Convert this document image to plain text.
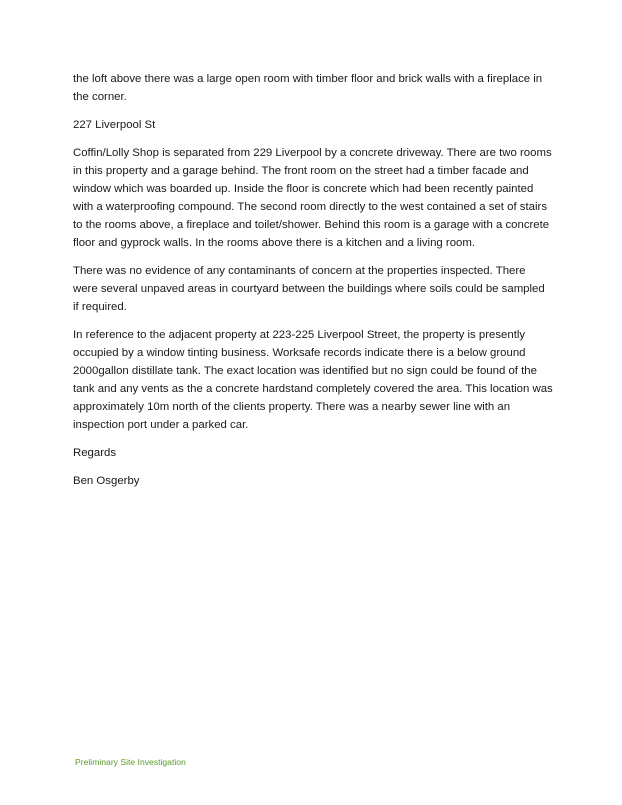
the loft above there was a large open room with timber floor and brick walls with a fireplace in the corner.

227 Liverpool St

Coffin/Lolly Shop is separated from 229 Liverpool by a concrete driveway. There are two rooms in this property and a garage behind. The front room on the street had a timber facade and window which was boarded up. Inside the floor is concrete which had been recently painted with a waterproofing compound. The second room directly to the west contained a set of stairs to the rooms above, a fireplace and toilet/shower. Behind this room is a garage with a concrete floor and gyprock walls. In the rooms above there is a kitchen and a living room.

There was no evidence of any contaminants of concern at the properties inspected. There were several unpaved areas in courtyard between the buildings where soils could be sampled if required.

In reference to the adjacent property at 223-225 Liverpool Street, the property is presently occupied by a window tinting business. Worksafe records indicate there is a below ground 2000gallon distillate tank. The exact location was identified but no sign could be found of the tank and any vents as the a concrete hardstand completely covered the area. This location was approximately 10m north of the clients property. There was a nearby sewer line with an inspection port under a parked car.

Regards

Ben Osgerby

Preliminary Site Investigation
